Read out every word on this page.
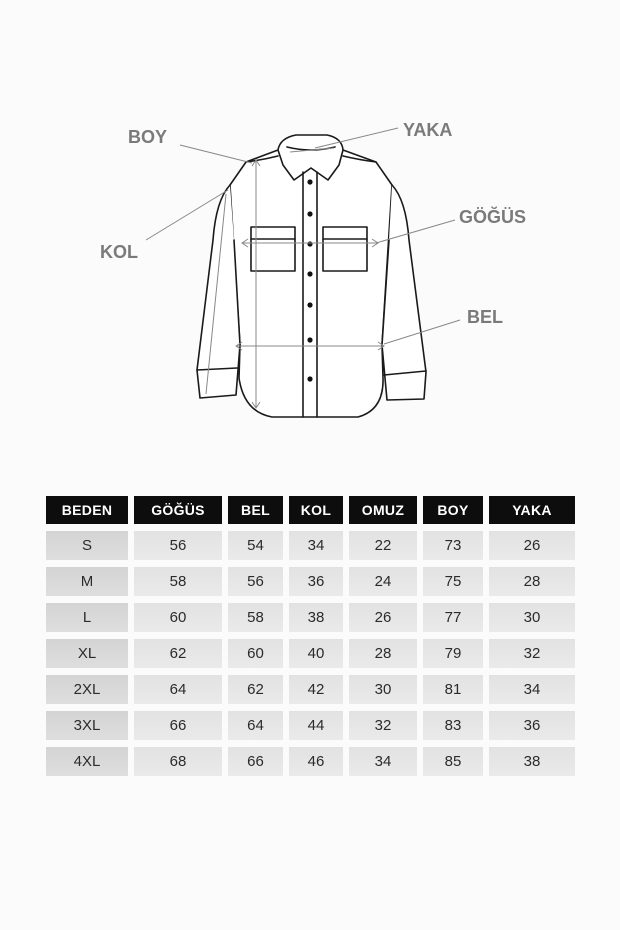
BOY	YAKA
KOL
GÖĞÜS
BEL
BEDEN	GÖĞÜS	BEL	KOL	OMUZ	BOY	YAKA
S	56	54	34	22	73	26
M	58	56	36	24	75	28
L	60	58	38	26	77	30
XL	62	60	40	28	79	32
2XL	64	62	42	30	81	34
3XL	66	64	44	32	83	36
4XL	68	66	46	34	85	38
